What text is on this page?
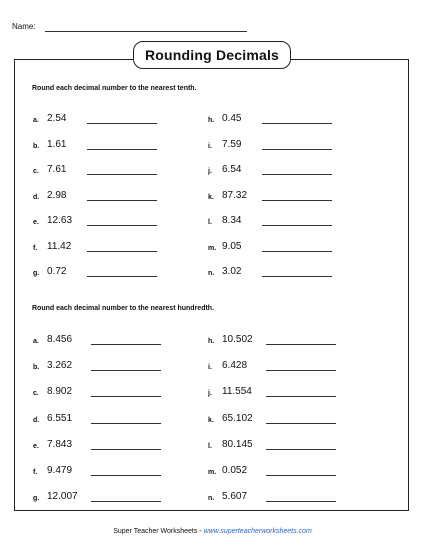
Name:
Rounding Decimals
Round each decimal number to the nearest tenth.
Round each decimal number to the nearest hundredth.
a. 2.54
b. 1.61
c. 7.61
d. 2.98
e. 12.63
f. 11.42
g. 0.72
h. 0.45
i.	7.59
j.	6.54
k. 87.32
l.	8.34
m. 9.05
n. 3.02
a. 8.456
b. 3.262
c. 8.902
d. 6.551
e. 7.843
f. 9.479
g. 12.007
h. 10.502
i.	6.428
j.	11.554
k. 65.102
l.	80.145
m. 0.052
n. 5.607
Super Teacher Worksheets - www.superteacherworksheets.com
